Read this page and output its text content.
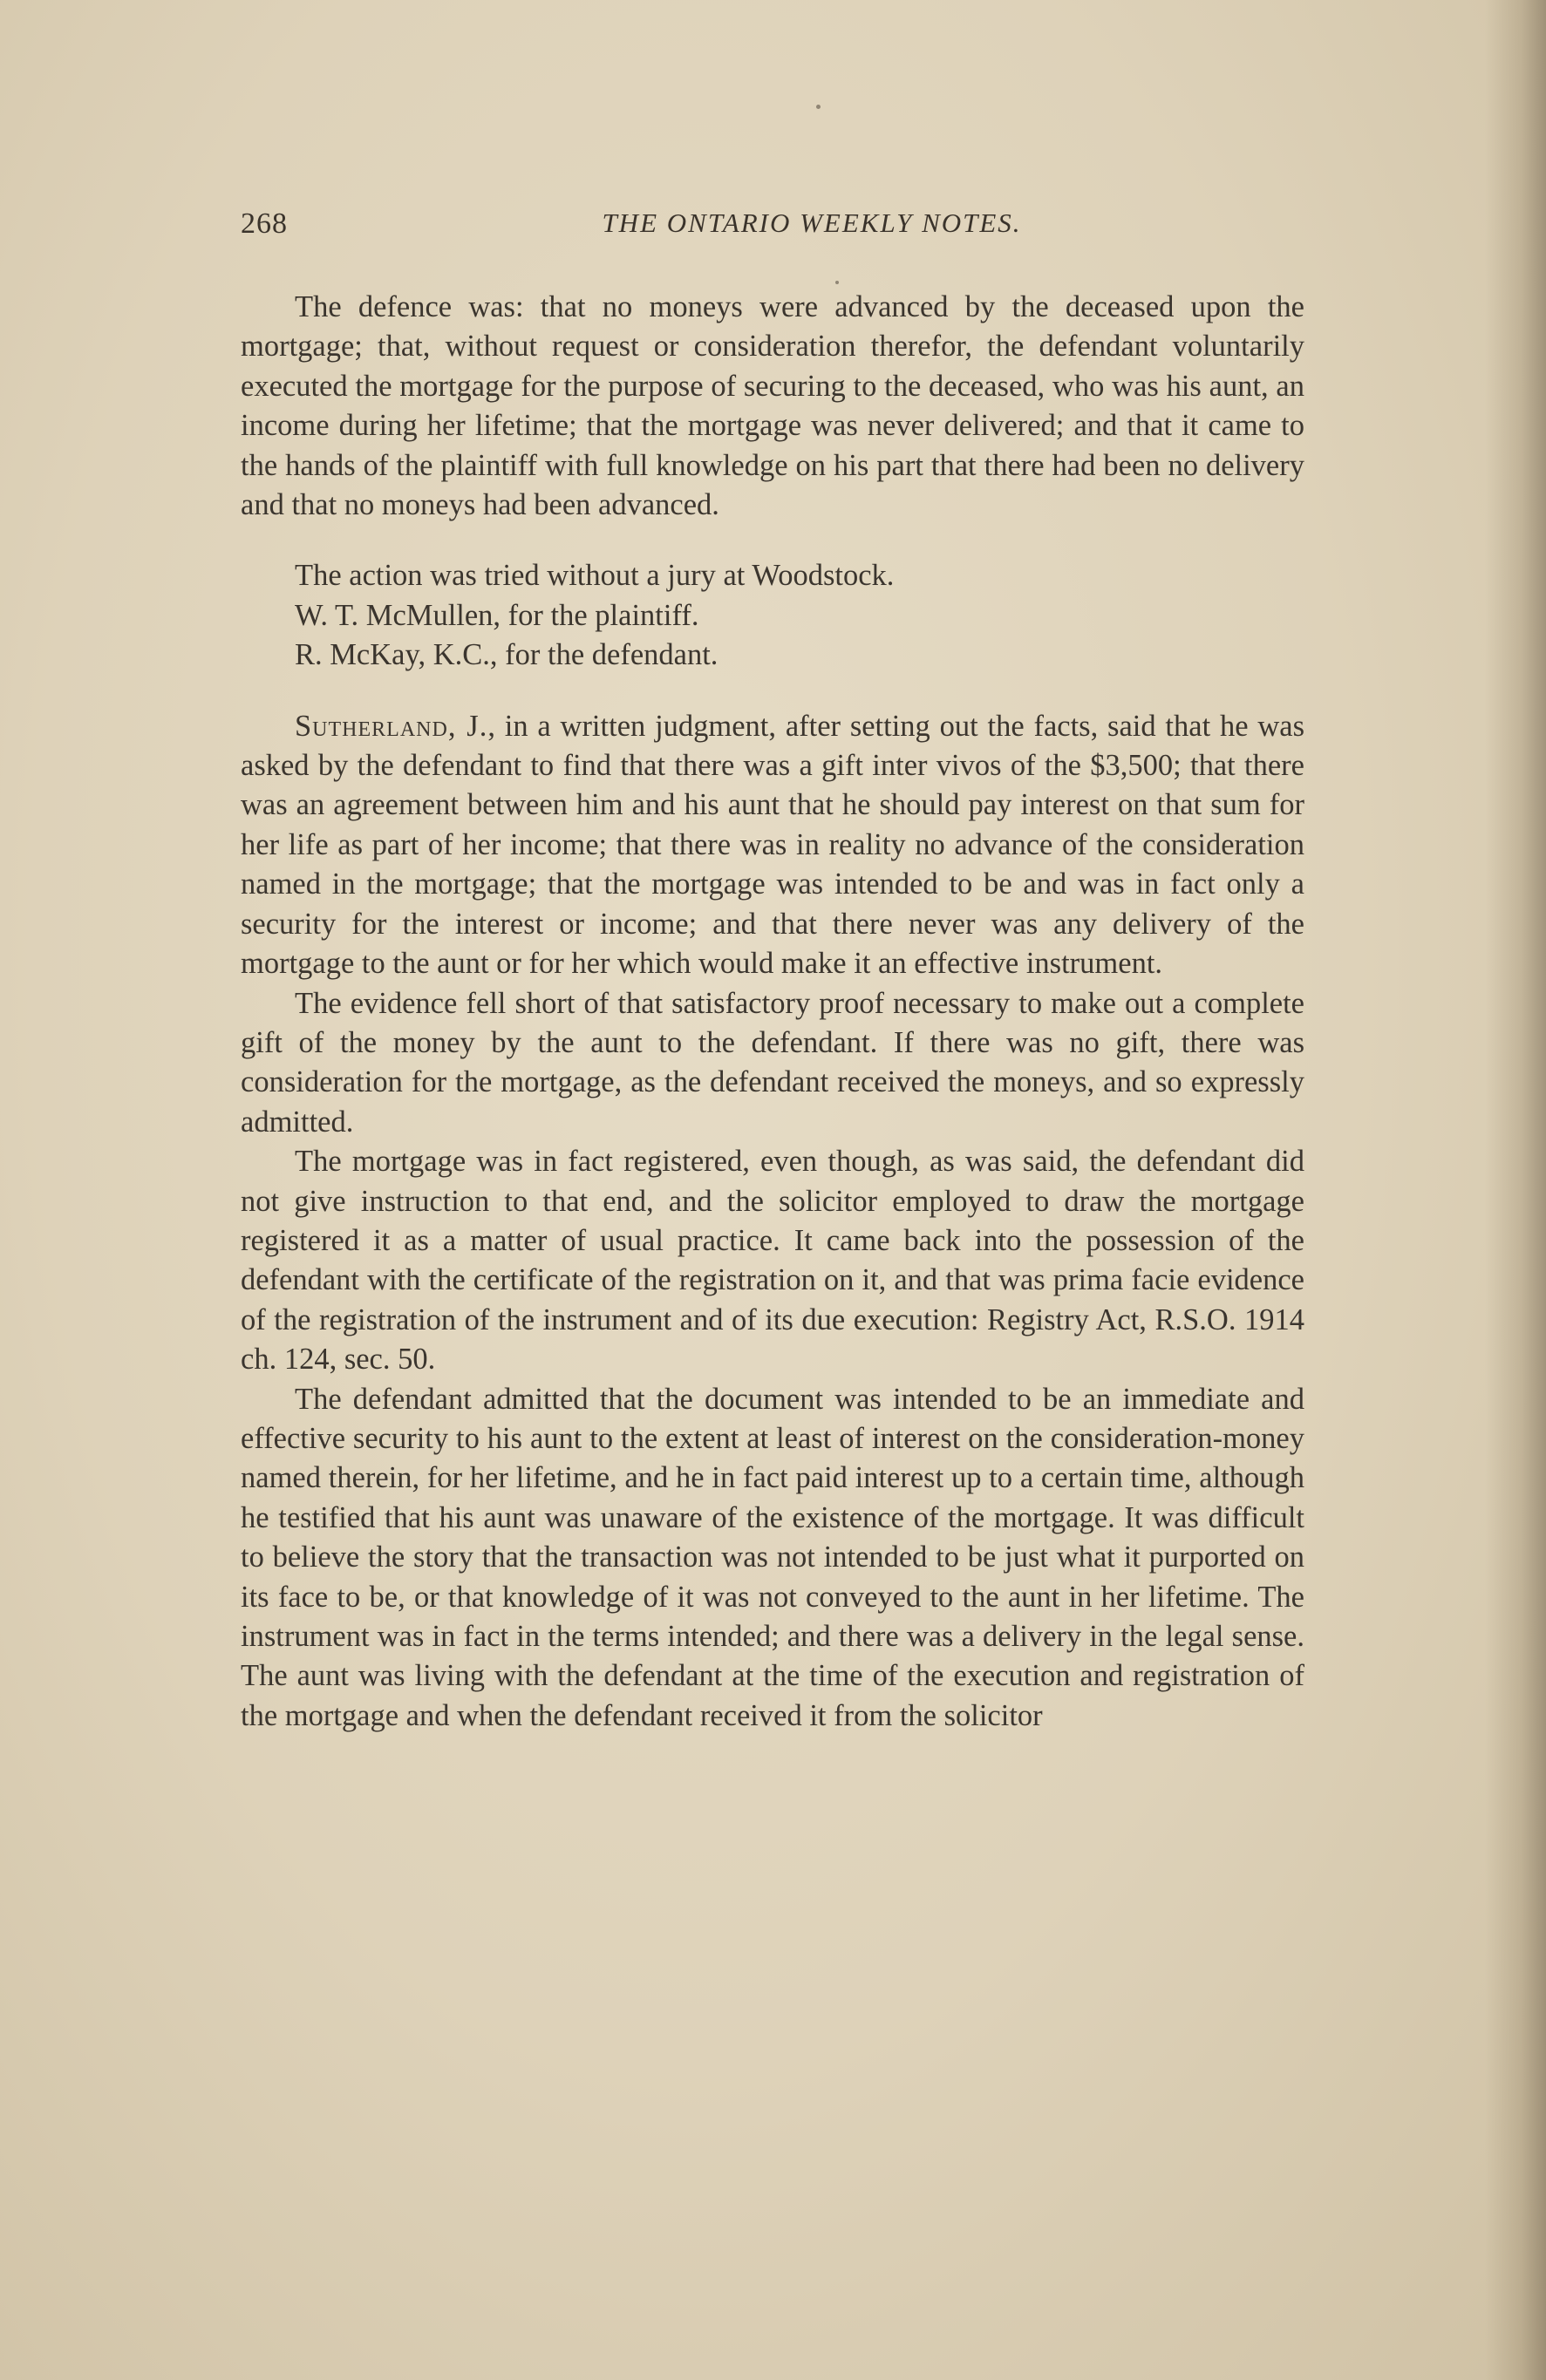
268	THE ONTARIO WEEKLY NOTES.

The defence was: that no moneys were advanced by the deceased upon the mortgage; that, without request or consideration therefor, the defendant voluntarily executed the mortgage for the purpose of securing to the deceased, who was his aunt, an income during her lifetime; that the mortgage was never delivered; and that it came to the hands of the plaintiff with full knowledge on his part that there had been no delivery and that no moneys had been advanced.

The action was tried without a jury at Woodstock.

W. T. McMullen, for the plaintiff.

R. McKay, K.C., for the defendant.

Sutherland, J., in a written judgment, after setting out the facts, said that he was asked by the defendant to find that there was a gift inter vivos of the $3,500; that there was an agreement between him and his aunt that he should pay interest on that sum for her life as part of her income; that there was in reality no advance of the consideration named in the mortgage; that the mortgage was intended to be and was in fact only a security for the interest or income; and that there never was any delivery of the mortgage to the aunt or for her which would make it an effective instrument.

The evidence fell short of that satisfactory proof necessary to make out a complete gift of the money by the aunt to the defendant. If there was no gift, there was consideration for the mortgage, as the defendant received the moneys, and so expressly admitted.

The mortgage was in fact registered, even though, as was said, the defendant did not give instruction to that end, and the solicitor employed to draw the mortgage registered it as a matter of usual practice. It came back into the possession of the defendant with the certificate of the registration on it, and that was prima facie evidence of the registration of the instrument and of its due execution: Registry Act, R.S.O. 1914 ch. 124, sec. 50.

The defendant admitted that the document was intended to be an immediate and effective security to his aunt to the extent at least of interest on the consideration-money named therein, for her lifetime, and he in fact paid interest up to a certain time, although he testified that his aunt was unaware of the existence of the mortgage. It was difficult to believe the story that the transaction was not intended to be just what it purported on its face to be, or that knowledge of it was not conveyed to the aunt in her lifetime. The instrument was in fact in the terms intended; and there was a delivery in the legal sense. The aunt was living with the defendant at the time of the execution and registration of the mortgage and when the defendant received it from the solicitor
